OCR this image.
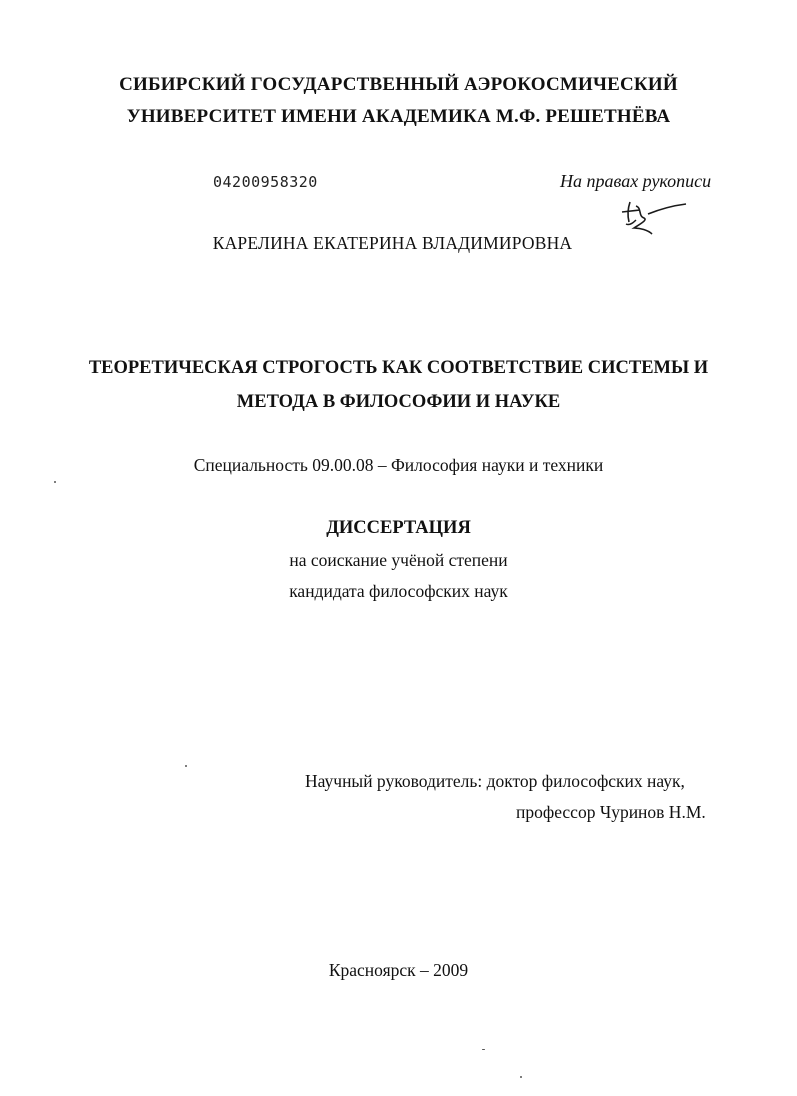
СИБИРСКИЙ ГОСУДАРСТВЕННЫЙ АЭРОКОСМИЧЕСКИЙ
УНИВЕРСИТЕТ ИМЕНИ АКАДЕМИКА М.Ф. РЕШЕТНЁВА
04200958320	На правах рукописи
КАРЕЛИНА ЕКАТЕРИНА ВЛАДИМИРОВНА
ТЕОРЕТИЧЕСКАЯ СТРОГОСТЬ КАК СООТВЕТСТВИЕ СИСТЕМЫ И
МЕТОДА В ФИЛОСОФИИ И НАУКЕ
Специальность 09.00.08 – Философия науки и техники
ДИССЕРТАЦИЯ
на соискание учёной степени
кандидата философских наук
Научный руководитель: доктор философских наук,
профессор Чуринов Н.М.
Красноярск – 2009
